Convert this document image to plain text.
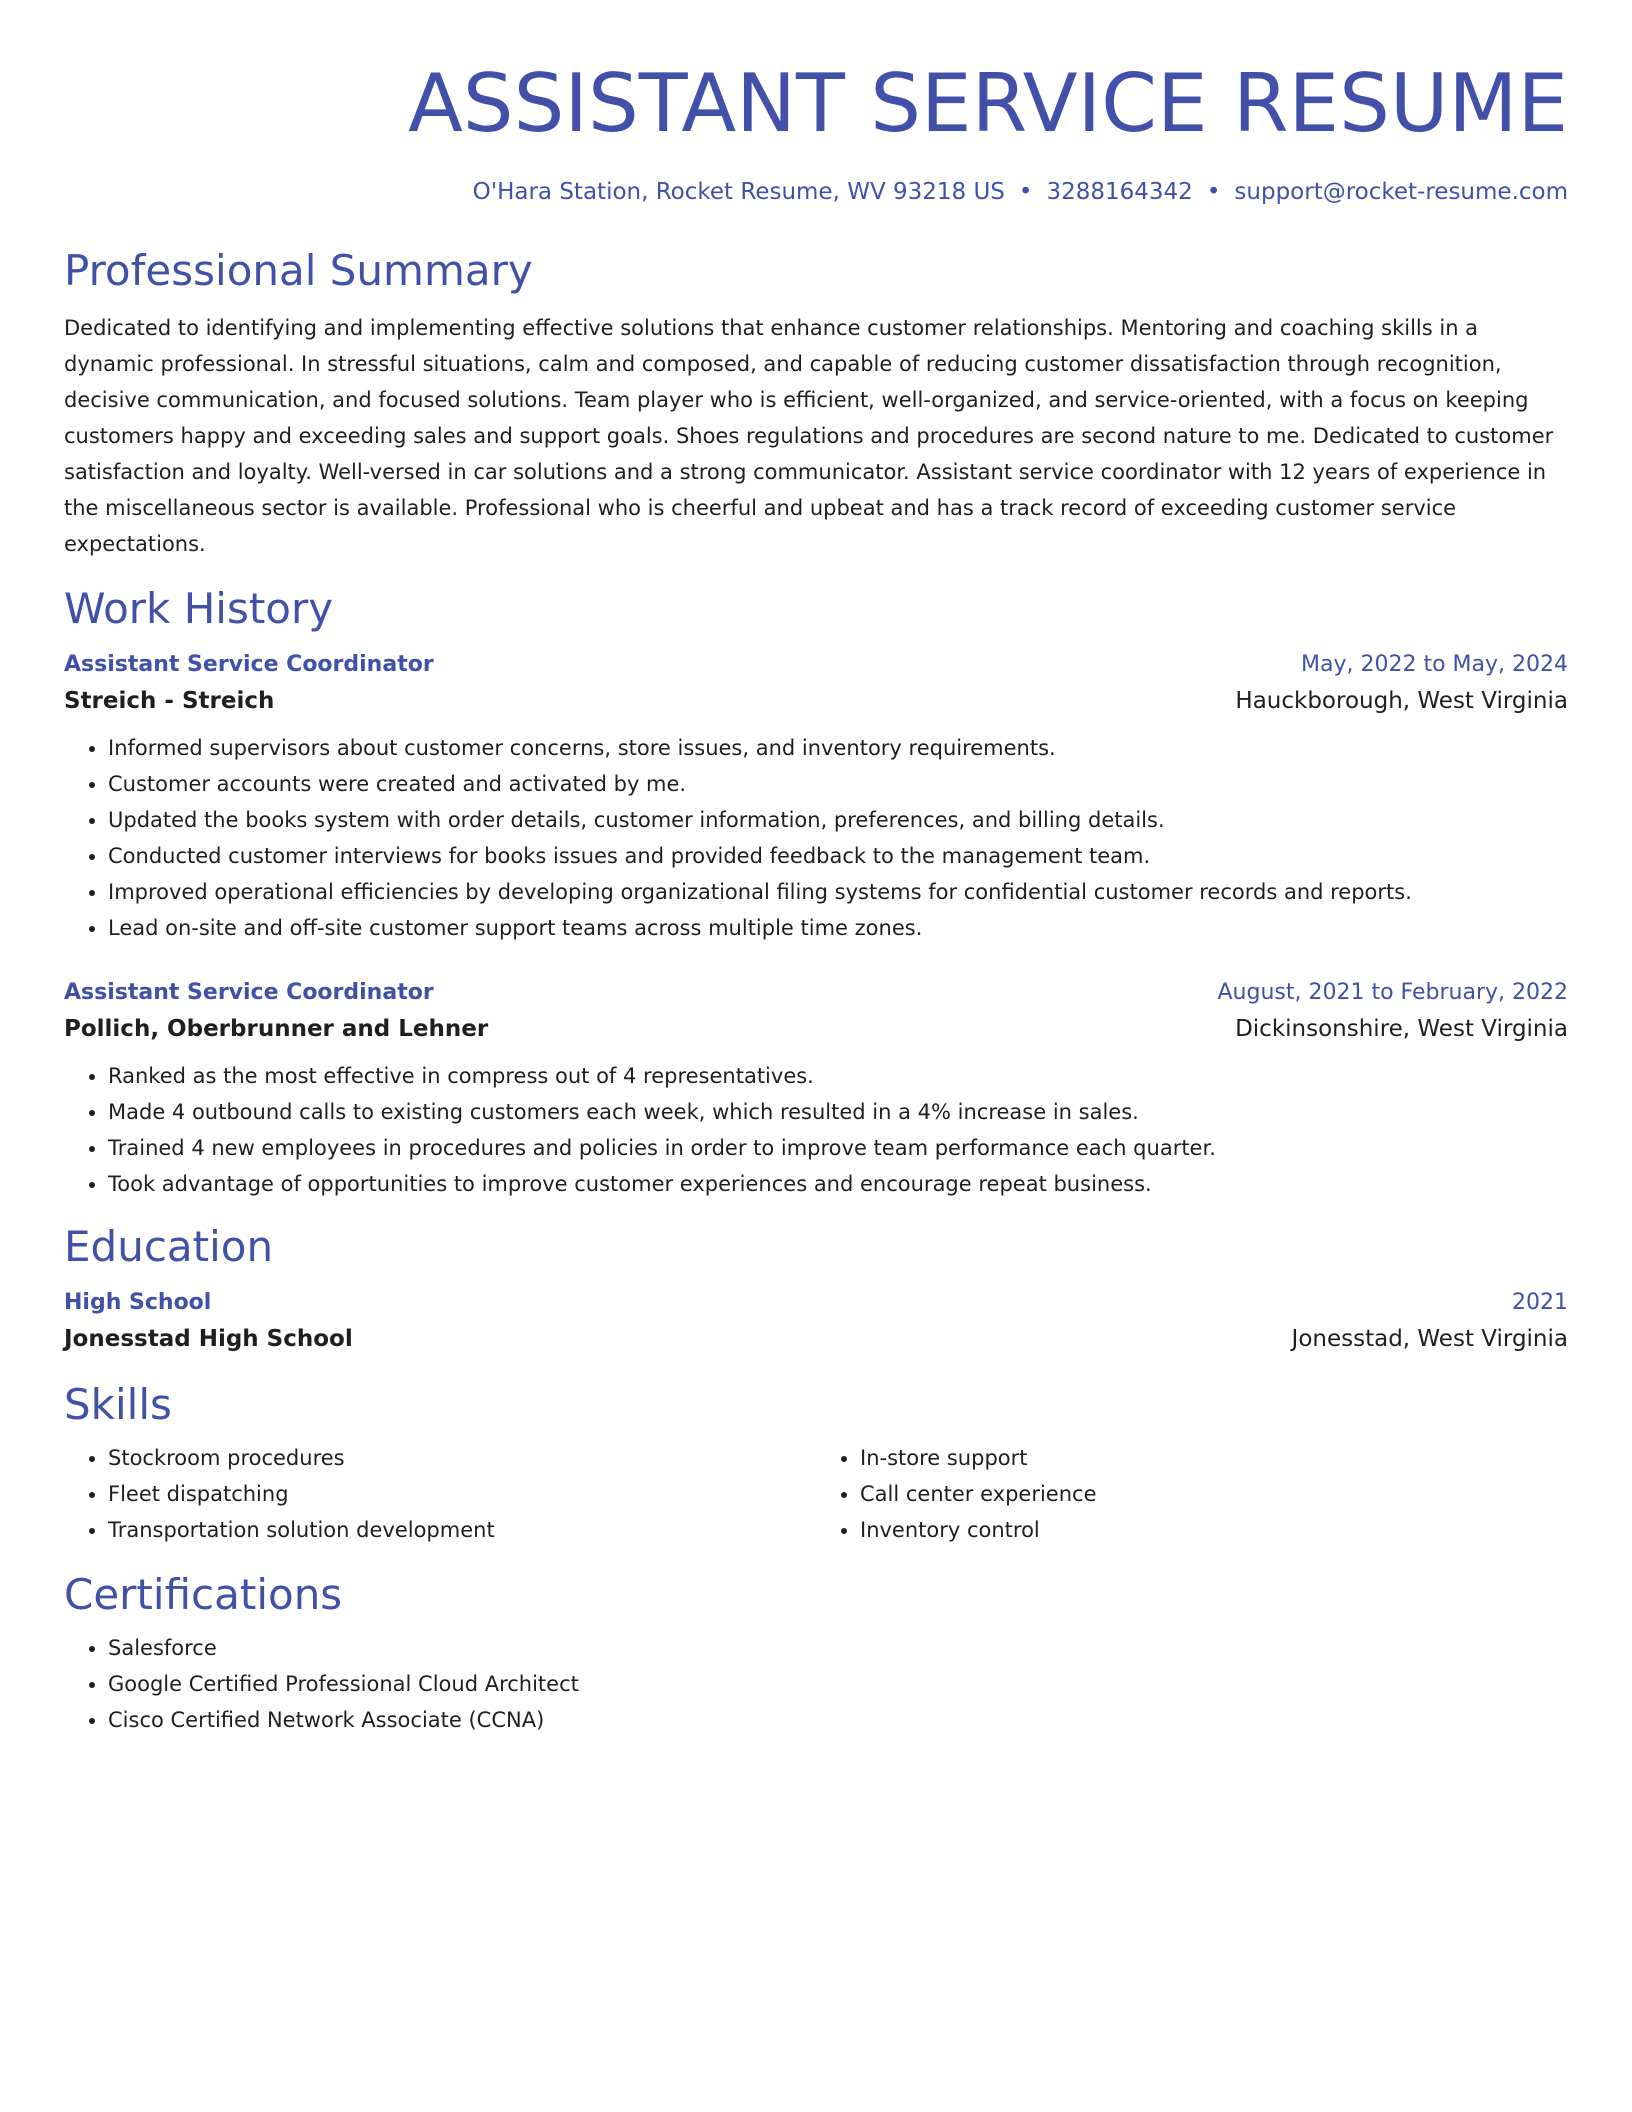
ASSISTANT SERVICE RESUME
O'Hara Station, Rocket Resume, WV 93218 US • 3288164342 • support@rocket-resume.com
Professional Summary
Dedicated to identifying and implementing effective solutions that enhance customer relationships. Mentoring and coaching skills in a dynamic professional. In stressful situations, calm and composed, and capable of reducing customer dissatisfaction through recognition, decisive communication, and focused solutions. Team player who is efficient, well-organized, and service-oriented, with a focus on keeping customers happy and exceeding sales and support goals. Shoes regulations and procedures are second nature to me. Dedicated to customer satisfaction and loyalty. Well-versed in car solutions and a strong communicator. Assistant service coordinator with 12 years of experience in the miscellaneous sector is available. Professional who is cheerful and upbeat and has a track record of exceeding customer service expectations.
Work History
Assistant Service Coordinator	May, 2022 to May, 2024
Streich - Streich	Hauckborough, West Virginia
• Informed supervisors about customer concerns, store issues, and inventory requirements.
• Customer accounts were created and activated by me.
• Updated the books system with order details, customer information, preferences, and billing details.
• Conducted customer interviews for books issues and provided feedback to the management team.
• Improved operational efficiencies by developing organizational filing systems for confidential customer records and reports.
• Lead on-site and off-site customer support teams across multiple time zones.
Assistant Service Coordinator	August, 2021 to February, 2022
Pollich, Oberbrunner and Lehner	Dickinsonshire, West Virginia
• Ranked as the most effective in compress out of 4 representatives.
• Made 4 outbound calls to existing customers each week, which resulted in a 4% increase in sales.
• Trained 4 new employees in procedures and policies in order to improve team performance each quarter.
• Took advantage of opportunities to improve customer experiences and encourage repeat business.
Education
High School	2021
Jonesstad High School	Jonesstad, West Virginia
Skills
• Stockroom procedures
• Fleet dispatching
• Transportation solution development
• In-store support
• Call center experience
• Inventory control
Certifications
• Salesforce
• Google Certified Professional Cloud Architect
• Cisco Certified Network Associate (CCNA)
